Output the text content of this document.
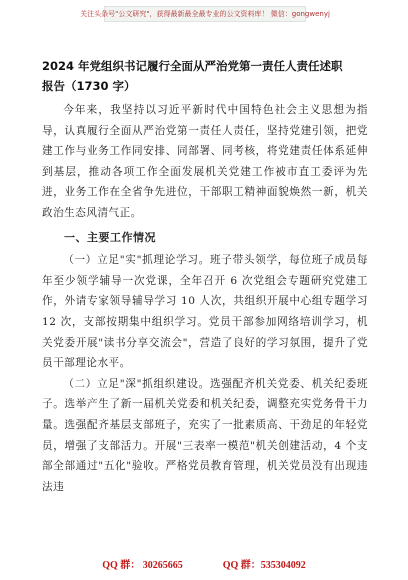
关注头条号"公文研究"，获得最新最全最专业的公文资料库！ 微信：gongwenyj
2024 年党组织书记履行全面从严治党第一责任人责任述职
报告（1730 字）

今年来，我坚持以习近平新时代中国特色社会主义思想为指导，认真履行全面从严治党第一责任人责任，坚持党建引领，把党建工作与业务工作同安排、同部署、同考核，将党建责任体系延伸到基层，推动各项工作全面发展机关党建工作被市直工委评为先进，业务工作在全省争先进位，干部职工精神面貌焕然一新，机关政治生态风清气正。

一、主要工作情况

（一）立足"实"抓理论学习。班子带头领学，每位班子成员每年至少领学辅导一次党课，全年召开 6 次党组会专题研究党建工作，外请专家领导辅导学习 10 人次，共组织开展中心组专题学习 12 次，支部按期集中组织学习。党员干部参加网络培训学习，机关党委开展"读书分享交流会"，营造了良好的学习氛围，提升了党员干部理论水平。

（二）立足"深"抓组织建设。选强配齐机关党委、机关纪委班子。选举产生了新一届机关党委和机关纪委，调整充实党务骨干力量。选强配齐基层支部班子，充实了一批素质高、干劲足的年轻党员，增强了支部活力。开展"三表率一模范"机关创建活动，4 个支部全部通过"五化"验收。严格党员教育管理，机关党员没有出现违法违

QQ 群： 30265665	QQ 群：535304092
